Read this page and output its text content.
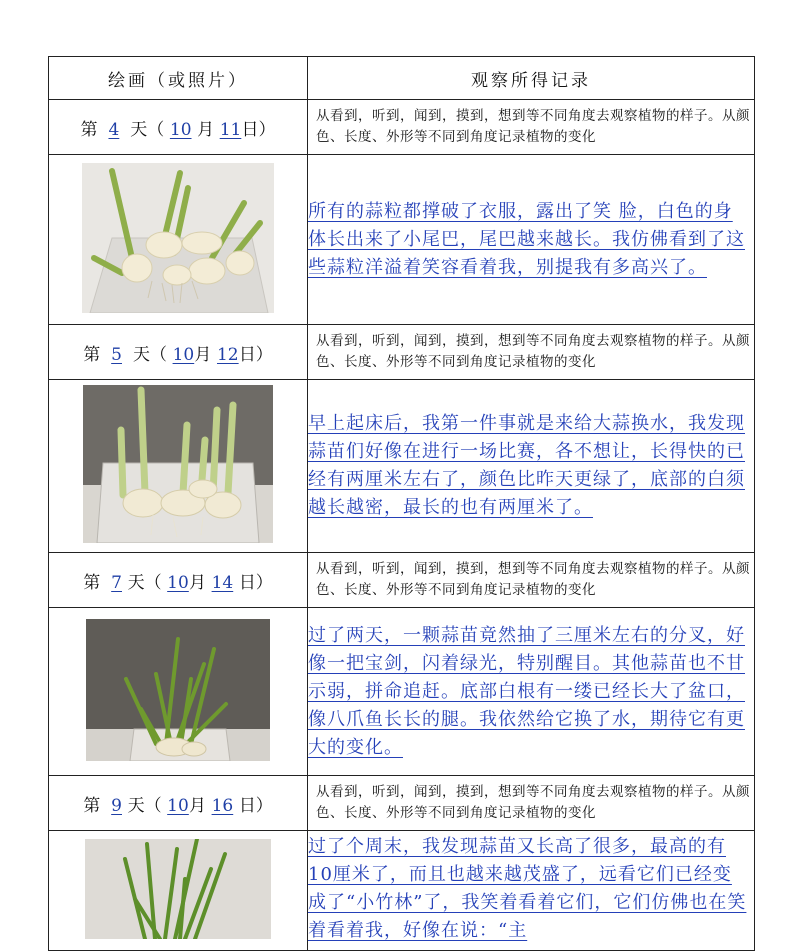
绘画（或照片）	观察所得记录
第 4 天（ 10 月 11日）	从看到，听到，闻到，摸到，想到等不同角度去观察植物的样子。从颜色、长度、外形等不同到角度记录植物的变化
	所有的蒜粒都撑破了衣服，露出了笑 脸，白色的身体长出来了小尾巴，尾巴越来越长。我仿佛看到了这些蒜粒洋溢着笑容看着我，别提我有多高兴了。
第 5 天（ 10月 12日）	从看到，听到，闻到，摸到，想到等不同角度去观察植物的样子。从颜色、长度、外形等不同到角度记录植物的变化
	早上起床后，我第一件事就是来给大蒜换水，我发现蒜苗们好像在进行一场比赛，各不想让，长得快的已经有两厘米左右了，颜色比昨天更绿了，底部的白须越长越密，最长的也有两厘米了。
第 7 天（ 10月 14 日）	从看到，听到，闻到，摸到，想到等不同角度去观察植物的样子。从颜色、长度、外形等不同到角度记录植物的变化
	过了两天，一颗蒜苗竟然抽了三厘米左右的分叉，好像一把宝剑，闪着绿光，特别醒目。其他蒜苗也不甘示弱，拼命追赶。底部白根有一缕已经长大了盆口，像八爪鱼长长的腿。我依然给它换了水，期待它有更大的变化。
第 9 天（ 10月 16 日）	从看到，听到，闻到，摸到，想到等不同角度去观察植物的样子。从颜色、长度、外形等不同到角度记录植物的变化
	过了个周末，我发现蒜苗又长高了很多，最高的有10厘米了，而且也越来越茂盛了，远看它们已经变成了“小竹林”了，我笑着看着它们，它们仿佛也在笑着看着我，好像在说：“主
